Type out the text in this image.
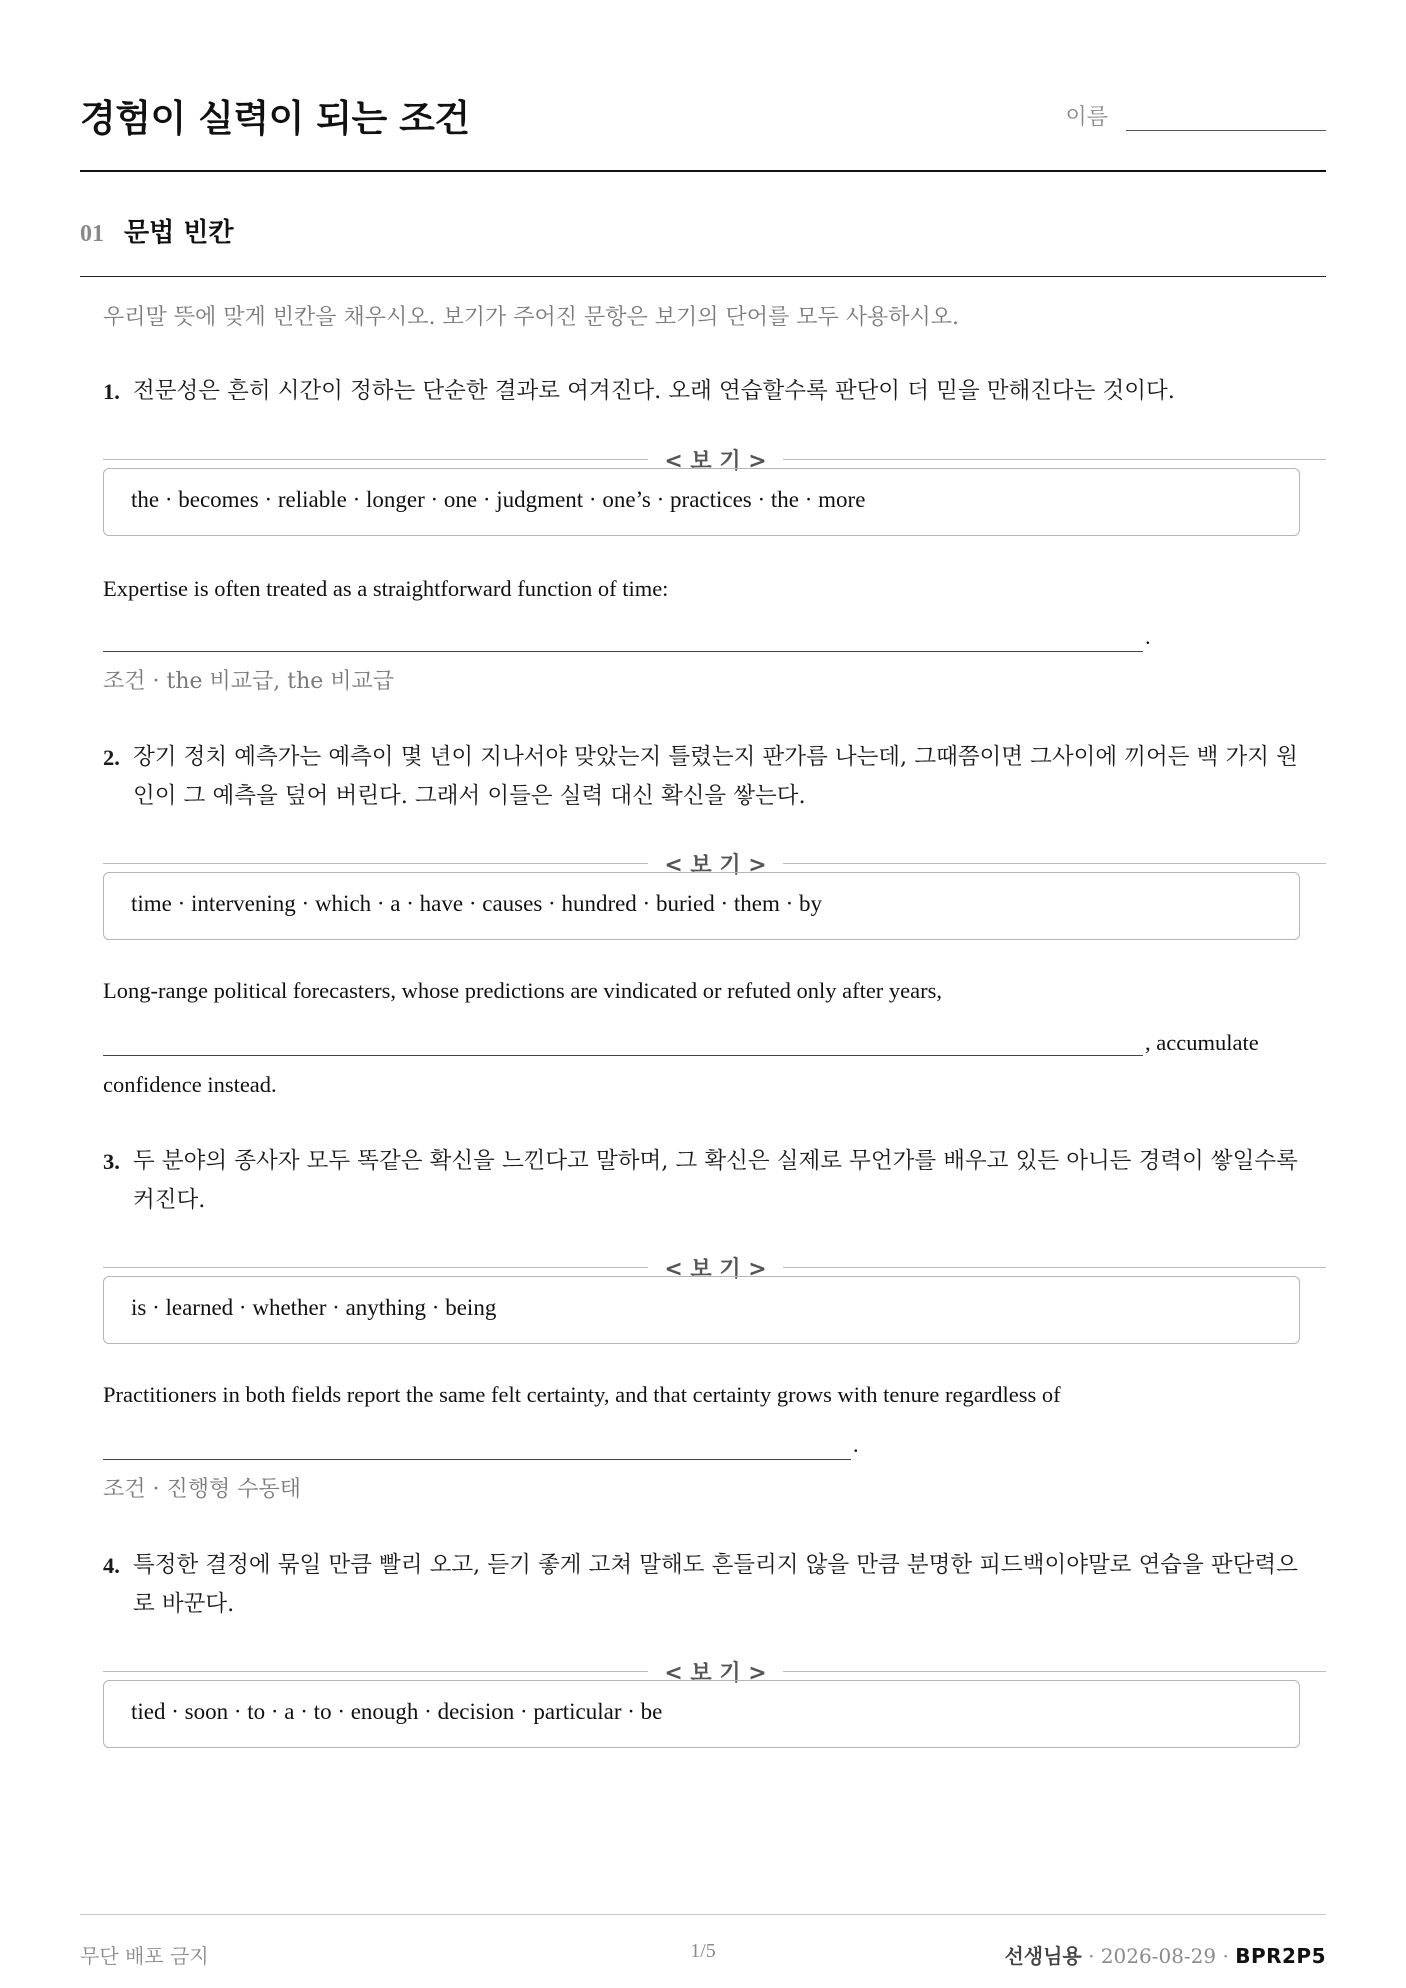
경험이 실력이 되는 조건	이름
01 문법 빈칸
우리말 뜻에 맞게 빈칸을 채우시오. 보기가 주어진 문항은 보기의 단어를 모두 사용하시오.
1. 전문성은 흔히 시간이 정하는 단순한 결과로 여겨진다. 오래 연습할수록 판단이 더 믿을 만해진다는 것이다.
< 보 기 >
the · becomes · reliable · longer · one · judgment · one’s · practices · the · more
Expertise is often treated as a straightforward function of time:
.
조건 · the 비교급, the 비교급
2. 장기 정치 예측가는 예측이 몇 년이 지나서야 맞았는지 틀렸는지 판가름 나는데, 그때쯤이면 그사이에 끼어든 백 가지 원
인이 그 예측을 덮어 버린다. 그래서 이들은 실력 대신 확신을 쌓는다.
< 보 기 >
time · intervening · which · a · have · causes · hundred · buried · them · by
Long-range political forecasters, whose predictions are vindicated or refuted only after years,
, accumulate
confidence instead.
3. 두 분야의 종사자 모두 똑같은 확신을 느낀다고 말하며, 그 확신은 실제로 무언가를 배우고 있든 아니든 경력이 쌓일수록
커진다.
< 보 기 >
is · learned · whether · anything · being
Practitioners in both fields report the same felt certainty, and that certainty grows with tenure regardless of
.
조건 · 진행형 수동태
4. 특정한 결정에 묶일 만큼 빨리 오고, 듣기 좋게 고쳐 말해도 흔들리지 않을 만큼 분명한 피드백이야말로 연습을 판단력으
로 바꾼다.
< 보 기 >
tied · soon · to · a · to · enough · decision · particular · be
무단 배포 금지	1/5	선생님용 · 2026-08-29 · BPR2P5
